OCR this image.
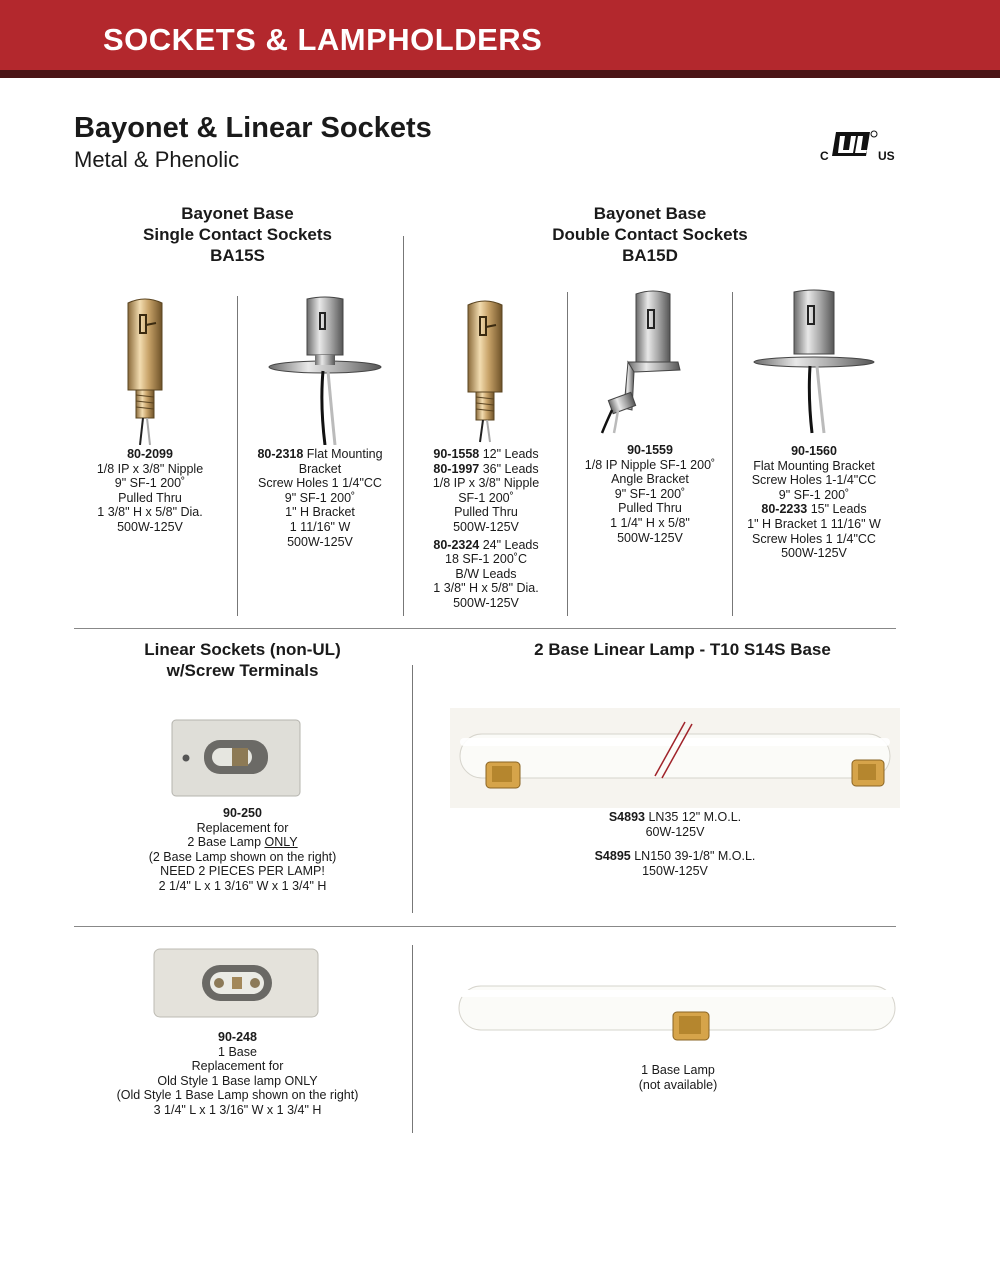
SOCKETS & LAMPHOLDERS
Bayonet & Linear Sockets
Metal & Phenolic	C	US
Bayonet Base
Single Contact Sockets
BA15S
Bayonet Base
Double Contact Sockets
BA15D
80-2099
1/8 IP x 3/8" Nipple
9" SF-1 200˚
Pulled Thru
1 3/8" H x 5/8" Dia.
500W-125V
80-2318 Flat Mounting
Bracket
Screw Holes 1 1/4"CC
9" SF-1 200˚
1" H Bracket
1 11/16" W
500W-125V
90-1558 12" Leads
80-1997 36" Leads
1/8 IP x 3/8" Nipple
SF-1 200˚
Pulled Thru
500W-125V
80-2324 24" Leads
18 SF-1 200˚C
B/W Leads
1 3/8" H x 5/8" Dia.
500W-125V
90-1559
1/8 IP Nipple SF-1 200˚
Angle Bracket
9" SF-1 200˚
Pulled Thru
1 1/4" H x 5/8"
500W-125V
90-1560
Flat Mounting Bracket
Screw Holes 1-1/4"CC
9" SF-1 200˚
80-2233 15" Leads
1" H Bracket 1 11/16" W
Screw Holes 1 1/4"CC
500W-125V
Linear Sockets (non-UL)
w/Screw Terminals
2 Base Linear Lamp - T10 S14S Base
90-250
Replacement for
2 Base Lamp ONLY
(2 Base Lamp shown on the right)
NEED 2 PIECES PER LAMP!
2 1/4" L x 1 3/16" W x 1 3/4" H
S4893 LN35 12" M.O.L.
60W-125V
S4895 LN150 39-1/8" M.O.L.
150W-125V
90-248
1 Base
Replacement for
Old Style 1 Base lamp ONLY
(Old Style 1 Base Lamp shown on the right)
3 1/4" L x 1 3/16" W x 1 3/4" H
1 Base Lamp
(not available)
